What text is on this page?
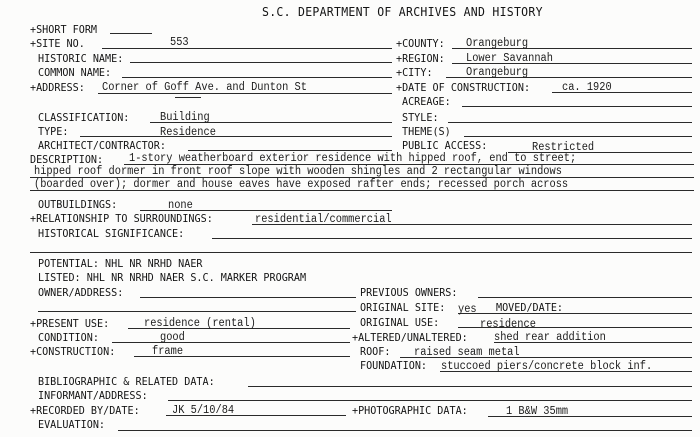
S.C. DEPARTMENT OF ARCHIVES AND HISTORY
+SHORT FORM
+SITE NO.	553
HISTORIC NAME:
COMMON NAME:
+ADDRESS: Corner of Goff Ave. and Dunton St
CLASSIFICATION:	Building
TYPE:	Residence
ARCHITECT/CONTRACTOR:
DESCRIPTION: 1-story weatherboard exterior residence with hipped roof, end to street;
hipped roof dormer in front roof slope with wooden shingles and 2 rectangular windows
(boarded over); dormer and house eaves have exposed rafter ends; recessed porch across
OUTBUILDINGS:	none
+RELATIONSHIP TO SURROUNDINGS:	residential/commercial
HISTORICAL SIGNIFICANCE:
POTENTIAL: NHL NR NRHD NAER
LISTED: NHL NR NRHD NAER S.C. MARKER PROGRAM
OWNER/ADDRESS:
+PRESENT USE:	residence (rental)
CONDITION:	good
+CONSTRUCTION:	frame
BIBLIOGRAPHIC & RELATED DATA:
INFORMANT/ADDRESS:
+RECORDED BY/DATE:	JK 5/10/84
EVALUATION:
+COUNTY: Orangeburg
+REGION: Lower Savannah
+CITY:	Orangeburg
+DATE OF CONSTRUCTION:	ca. 1920
ACREAGE:
STYLE:
THEME(S)
PUBLIC ACCESS:	Restricted
PREVIOUS OWNERS:
ORIGINAL SITE: yes MOVED/DATE:
ORIGINAL USE:	residence
+ALTERED/UNALTERED: shed rear addition
ROOF: raised seam metal
FOUNDATION: stuccoed piers/concrete block inf.
+PHOTOGRAPHIC DATA:	1 B&W 35mm
